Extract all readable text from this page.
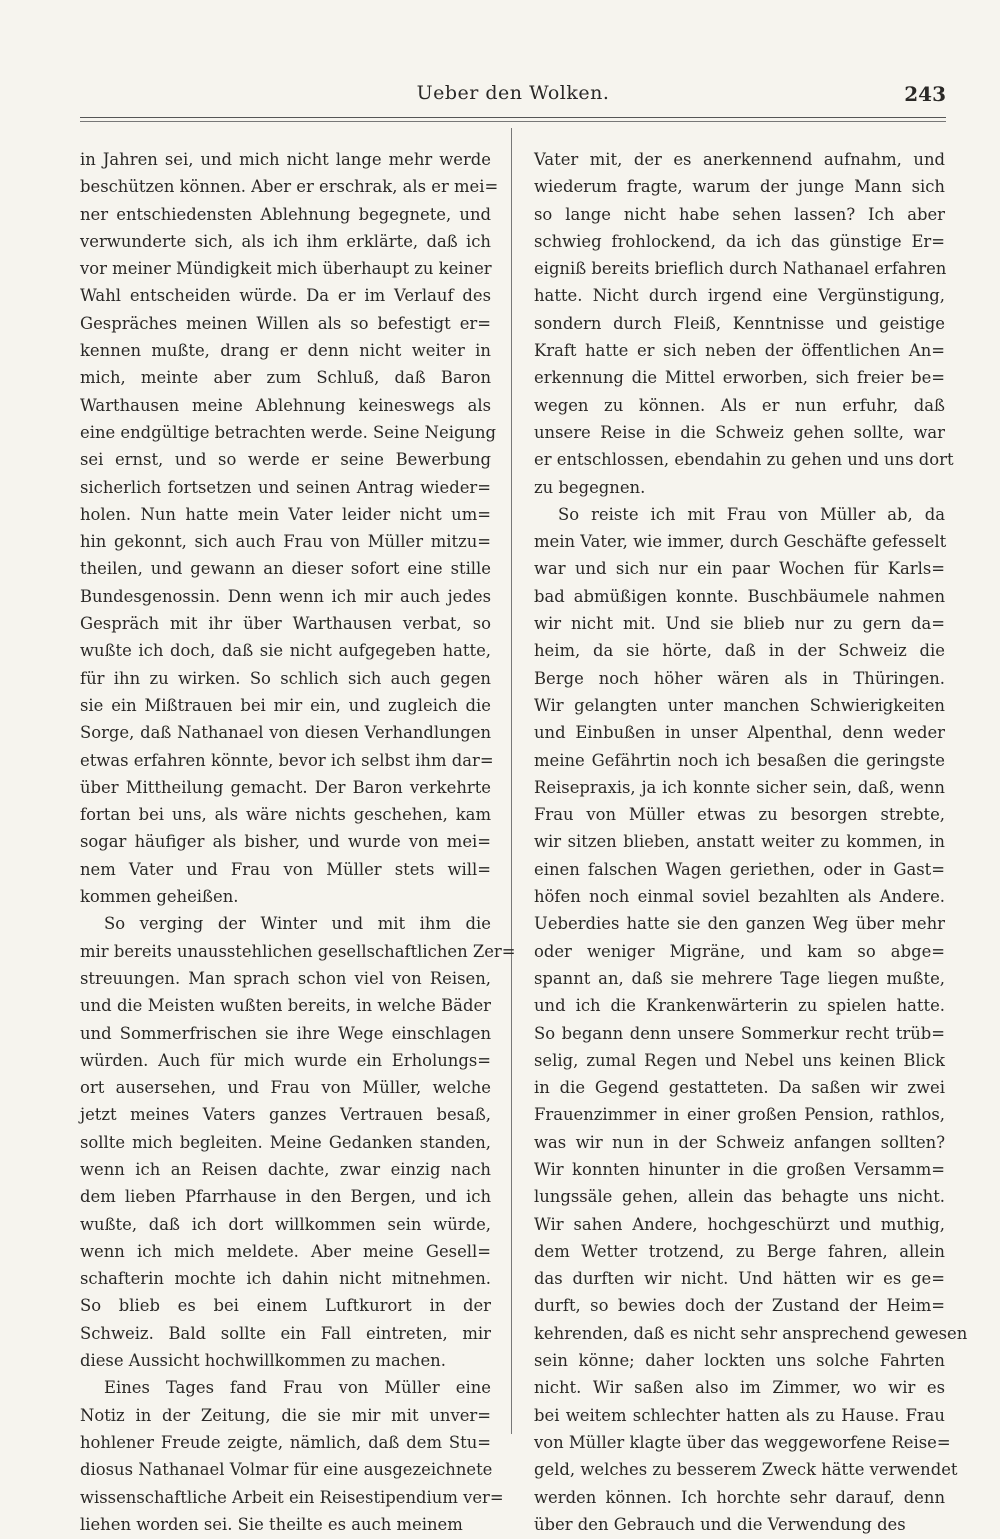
Ueber den Wolken.	243
in Jahren sei, und mich nicht lange mehr werde
beschützen können. Aber er erschrak, als er mei=
ner entschiedensten Ablehnung begegnete, und
verwunderte sich, als ich ihm erklärte, daß ich
vor meiner Mündigkeit mich überhaupt zu keiner
Wahl entscheiden würde. Da er im Verlauf des
Gespräches meinen Willen als so befestigt er=
kennen mußte, drang er denn nicht weiter in
mich, meinte aber zum Schluß, daß Baron
Warthausen meine Ablehnung keineswegs als
eine endgültige betrachten werde. Seine Neigung
sei ernst, und so werde er seine Bewerbung
sicherlich fortsetzen und seinen Antrag wieder=
holen. Nun hatte mein Vater leider nicht um=
hin gekonnt, sich auch Frau von Müller mitzu=
theilen, und gewann an dieser sofort eine stille
Bundesgenossin. Denn wenn ich mir auch jedes
Gespräch mit ihr über Warthausen verbat, so
wußte ich doch, daß sie nicht aufgegeben hatte,
für ihn zu wirken. So schlich sich auch gegen
sie ein Mißtrauen bei mir ein, und zugleich die
Sorge, daß Nathanael von diesen Verhandlungen
etwas erfahren könnte, bevor ich selbst ihm dar=
über Mittheilung gemacht. Der Baron verkehrte
fortan bei uns, als wäre nichts geschehen, kam
sogar häufiger als bisher, und wurde von mei=
nem Vater und Frau von Müller stets will=
kommen geheißen.
So verging der Winter und mit ihm die
mir bereits unausstehlichen gesellschaftlichen Zer=
streuungen. Man sprach schon viel von Reisen,
und die Meisten wußten bereits, in welche Bäder
und Sommerfrischen sie ihre Wege einschlagen
würden. Auch für mich wurde ein Erholungs=
ort ausersehen, und Frau von Müller, welche
jetzt meines Vaters ganzes Vertrauen besaß,
sollte mich begleiten. Meine Gedanken standen,
wenn ich an Reisen dachte, zwar einzig nach
dem lieben Pfarrhause in den Bergen, und ich
wußte, daß ich dort willkommen sein würde,
wenn ich mich meldete. Aber meine Gesell=
schafterin mochte ich dahin nicht mitnehmen.
So blieb es bei einem Luftkurort in der
Schweiz. Bald sollte ein Fall eintreten, mir
diese Aussicht hochwillkommen zu machen.
Eines Tages fand Frau von Müller eine
Notiz in der Zeitung, die sie mir mit unver=
hohlener Freude zeigte, nämlich, daß dem Stu=
diosus Nathanael Volmar für eine ausgezeichnete
wissenschaftliche Arbeit ein Reisestipendium ver=
liehen worden sei. Sie theilte es auch meinem
Vater mit, der es anerkennend aufnahm, und
wiederum fragte, warum der junge Mann sich
so lange nicht habe sehen lassen? Ich aber
schwieg frohlockend, da ich das günstige Er=
eigniß bereits brieflich durch Nathanael erfahren
hatte. Nicht durch irgend eine Vergünstigung,
sondern durch Fleiß, Kenntnisse und geistige
Kraft hatte er sich neben der öffentlichen An=
erkennung die Mittel erworben, sich freier be=
wegen zu können. Als er nun erfuhr, daß
unsere Reise in die Schweiz gehen sollte, war
er entschlossen, ebendahin zu gehen und uns dort
zu begegnen.
So reiste ich mit Frau von Müller ab, da
mein Vater, wie immer, durch Geschäfte gefesselt
war und sich nur ein paar Wochen für Karls=
bad abmüßigen konnte. Buschbäumele nahmen
wir nicht mit. Und sie blieb nur zu gern da=
heim, da sie hörte, daß in der Schweiz die
Berge noch höher wären als in Thüringen.
Wir gelangten unter manchen Schwierigkeiten
und Einbußen in unser Alpenthal, denn weder
meine Gefährtin noch ich besaßen die geringste
Reisepraxis, ja ich konnte sicher sein, daß, wenn
Frau von Müller etwas zu besorgen strebte,
wir sitzen blieben, anstatt weiter zu kommen, in
einen falschen Wagen geriethen, oder in Gast=
höfen noch einmal soviel bezahlten als Andere.
Ueberdies hatte sie den ganzen Weg über mehr
oder weniger Migräne, und kam so abge=
spannt an, daß sie mehrere Tage liegen mußte,
und ich die Krankenwärterin zu spielen hatte.
So begann denn unsere Sommerkur recht trüb=
selig, zumal Regen und Nebel uns keinen Blick
in die Gegend gestatteten. Da saßen wir zwei
Frauenzimmer in einer großen Pension, rathlos,
was wir nun in der Schweiz anfangen sollten?
Wir konnten hinunter in die großen Versamm=
lungssäle gehen, allein das behagte uns nicht.
Wir sahen Andere, hochgeschürzt und muthig,
dem Wetter trotzend, zu Berge fahren, allein
das durften wir nicht. Und hätten wir es ge=
durft, so bewies doch der Zustand der Heim=
kehrenden, daß es nicht sehr ansprechend gewesen
sein könne; daher lockten uns solche Fahrten
nicht. Wir saßen also im Zimmer, wo wir es
bei weitem schlechter hatten als zu Hause. Frau
von Müller klagte über das weggeworfene Reise=
geld, welches zu besserem Zweck hätte verwendet
werden können. Ich horchte sehr darauf, denn
über den Gebrauch und die Verwendung des
